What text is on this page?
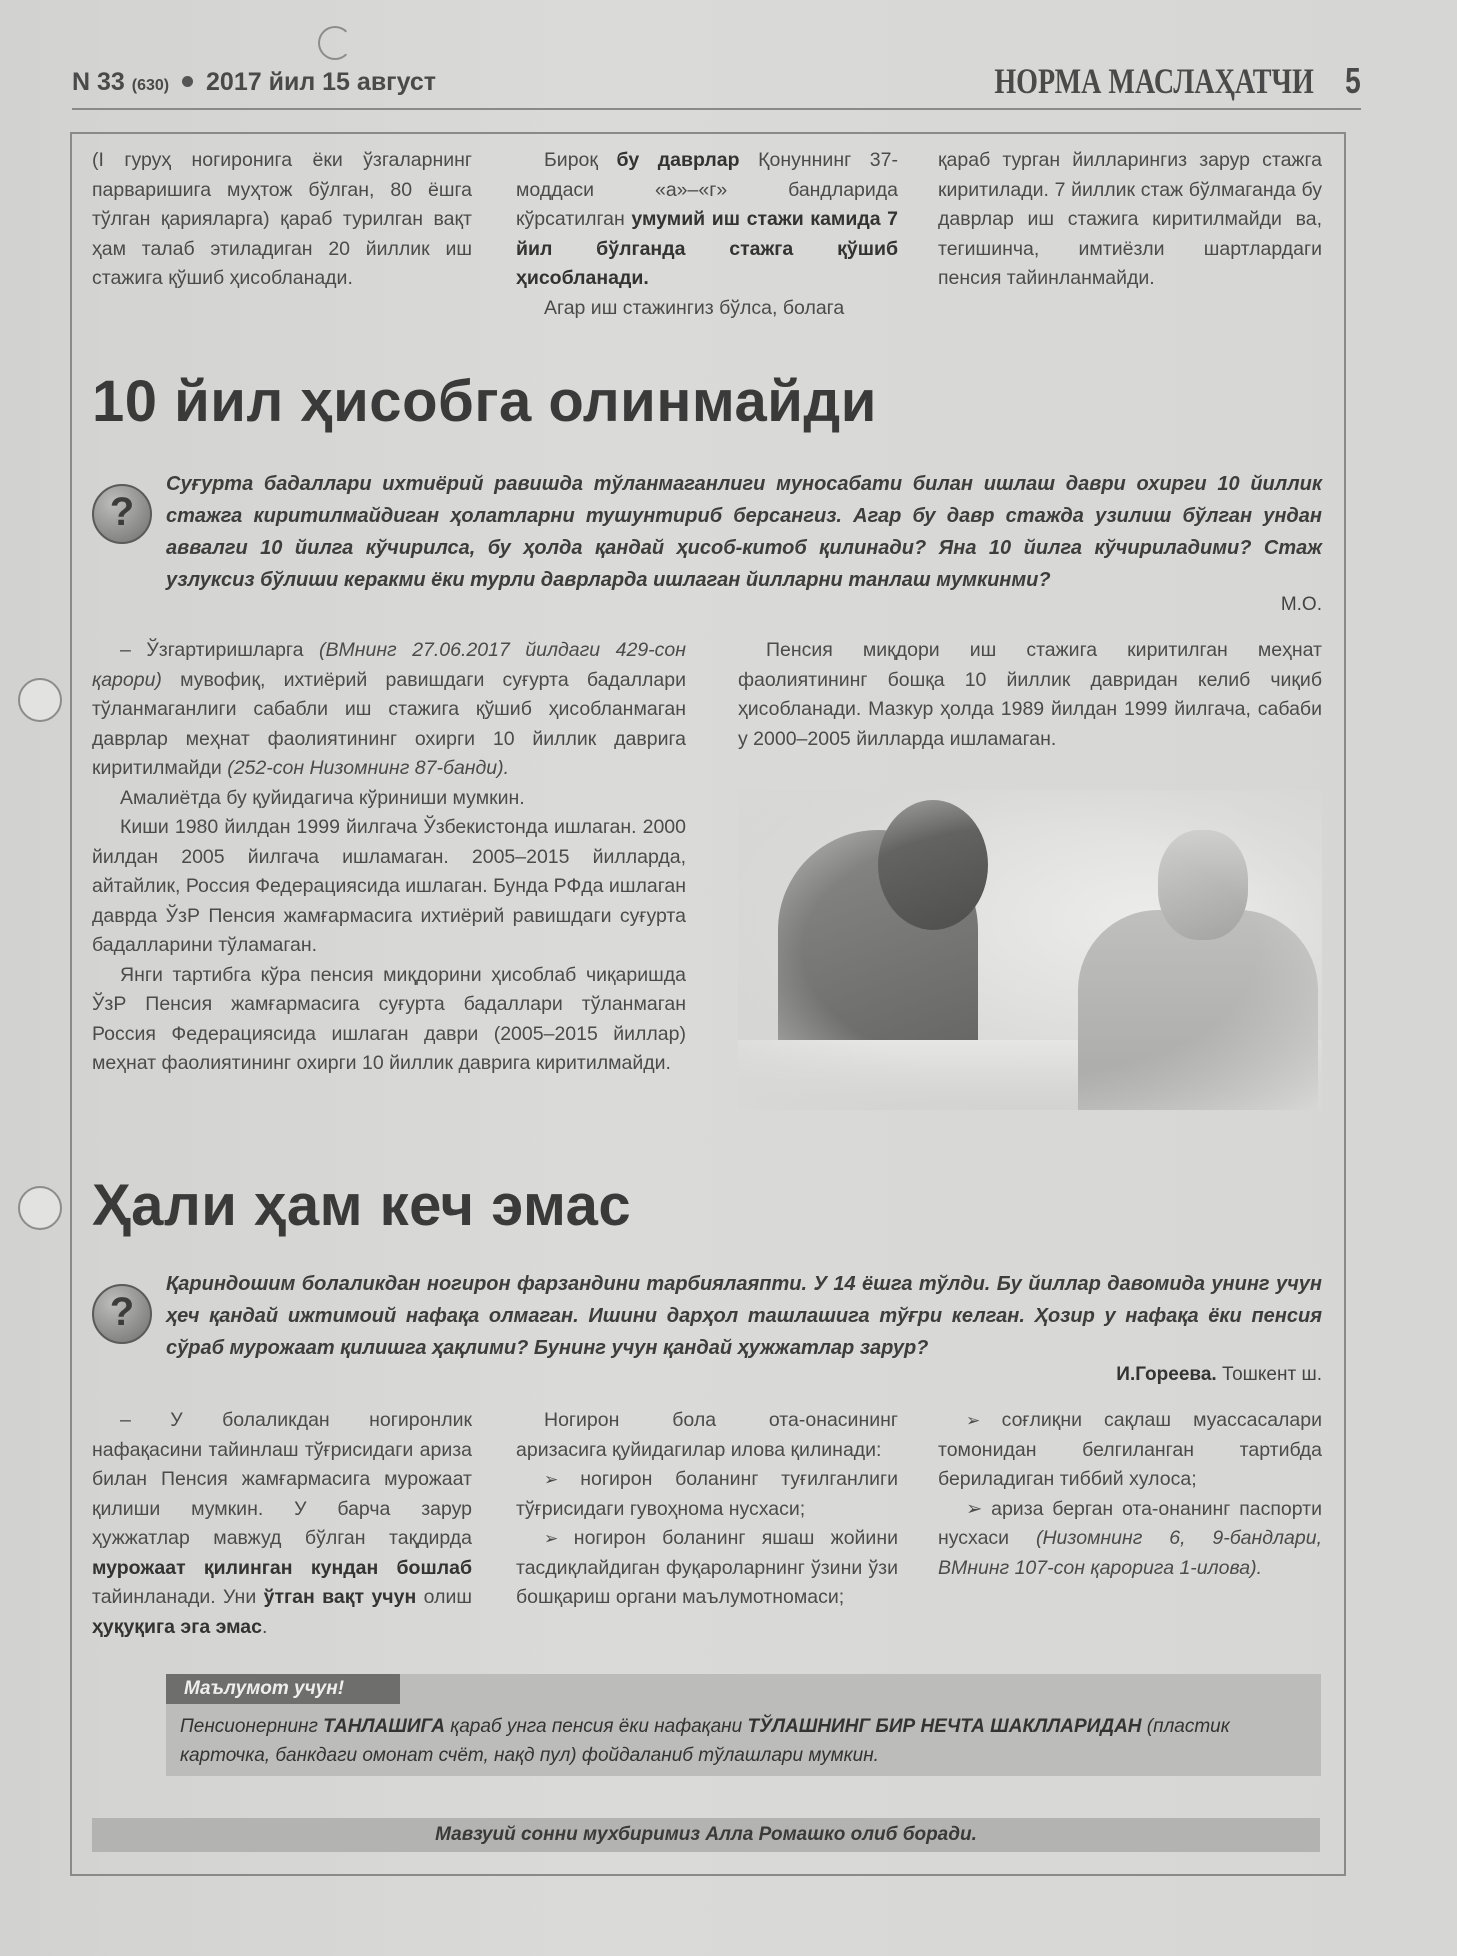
N 33 (630) 2017 йил 15 август	НОРМА МАСЛАҲАТЧИ 5

(I гуруҳ ногиронига ёки ўзгаларнинг парваришига муҳтож бўлган, 80 ёшга тўлган қарияларга) қараб турилган вақт ҳам талаб этиладиган 20 йиллик иш стажига қўшиб ҳисобланади.

Бироқ бу даврлар Қонуннинг 37-моддаси «а»–«г» бандларида кўрсатилган умумий иш стажи камида 7 йил бўлганда стажга қўшиб ҳисобланади.

Агар иш стажингиз бўлса, болага

қараб турган йилларингиз зарур стажга киритилади. 7 йиллик стаж бўлмаганда бу даврлар иш стажига киритилмайди ва, тегишинча, имтиёзли шартлардаги пенсия тайинланмайди.

10 йил ҳисобга олинмайди
?
Суғурта бадаллари ихтиёрий равишда тўланмаганлиги муносабати билан ишлаш даври охирги 10 йиллик стажга киритилмайдиган ҳолатларни тушунтириб берсангиз. Агар бу давр стажда узилиш бўлган ундан аввалги 10 йилга кўчирилса, бу ҳолда қандай ҳисоб-китоб қилинади? Яна 10 йилга кўчириладими? Стаж узлуксиз бўлиши керакми ёки турли даврларда ишлаган йилларни танлаш мумкинми?
М.О.

– Ўзгартиришларга (ВМнинг 27.06.2017 йилдаги 429-сон қарори) мувофиқ, ихтиёрий равишдаги суғурта бадаллари тўланмаганлиги сабабли иш стажига қўшиб ҳисобланмаган даврлар меҳнат фаолиятининг охирги 10 йиллик даврига киритилмайди (252-сон Низомнинг 87-банди).

Амалиётда бу қуйидагича кўриниши мумкин.

Киши 1980 йилдан 1999 йилгача Ўзбекистонда ишлаган. 2000 йилдан 2005 йилгача ишламаган. 2005–2015 йилларда, айтайлик, Россия Федерациясида ишлаган. Бунда РФда ишлаган даврда ЎзР Пенсия жамғармасига ихтиёрий равишдаги суғурта бадалларини тўламаган.

Янги тартибга кўра пенсия миқдорини ҳисоблаб чиқаришда ЎзР Пенсия жамғармасига суғурта бадаллари тўланмаган Россия Федерациясида ишлаган даври (2005–2015 йиллар) меҳнат фаолиятининг охирги 10 йиллик даврига киритилмайди.

Пенсия миқдори иш стажига киритилган меҳнат фаолиятининг бошқа 10 йиллик давридан келиб чиқиб ҳисобланади. Мазкур ҳолда 1989 йилдан 1999 йилгача, сабаби у 2000–2005 йилларда ишламаган.

Ҳали ҳам кеч эмас
?
Қариндошим болаликдан ногирон фарзандини тарбиялаяпти. У 14 ёшга тўлди. Бу йиллар давомида унинг учун ҳеч қандай ижтимоий нафақа олмаган. Ишини дарҳол ташлашига тўғри келган. Ҳозир у нафақа ёки пенсия сўраб мурожаат қилишга ҳақлими? Бунинг учун қандай ҳужжатлар зарур?
И.Гореева. Тошкент ш.

– У болаликдан ногиронлик нафақасини тайинлаш тўғрисидаги ариза билан Пенсия жамғармасига мурожаат қилиши мумкин. У барча зарур ҳужжатлар мавжуд бўлган тақдирда мурожаат қилинган кундан бошлаб тайинланади. Уни ўтган вақт учун олиш ҳуқуқига эга эмас.

Ногирон бола ота-онасининг аризасига қуйидагилар илова қилинади:

➢ ногирон боланинг туғилганлиги тўғрисидаги гувоҳнома нусхаси;

➢ ногирон боланинг яшаш жойини тасдиқлайдиган фуқароларнинг ўзини ўзи бошқариш органи маълумотномаси;

➢ соғлиқни сақлаш муассасалари томонидан белгиланган тартибда бериладиган тиббий хулоса;

➢ ариза берган ота-онанинг паспорти нусхаси (Низомнинг 6, 9-бандлари, ВМнинг 107-сон қарорига 1-илова).

Маълумот учун!
Пенсионернинг ТАНЛАШИГА қараб унга пенсия ёки нафақани ТЎЛАШНИНГ БИР НЕЧТА ШАКЛЛАРИДАН (пластик карточка, банкдаги омонат счёт, нақд пул) фойдаланиб тўлашлари мумкин.
Мавзуий сонни мухбиримиз Алла Ромашко олиб боради.
